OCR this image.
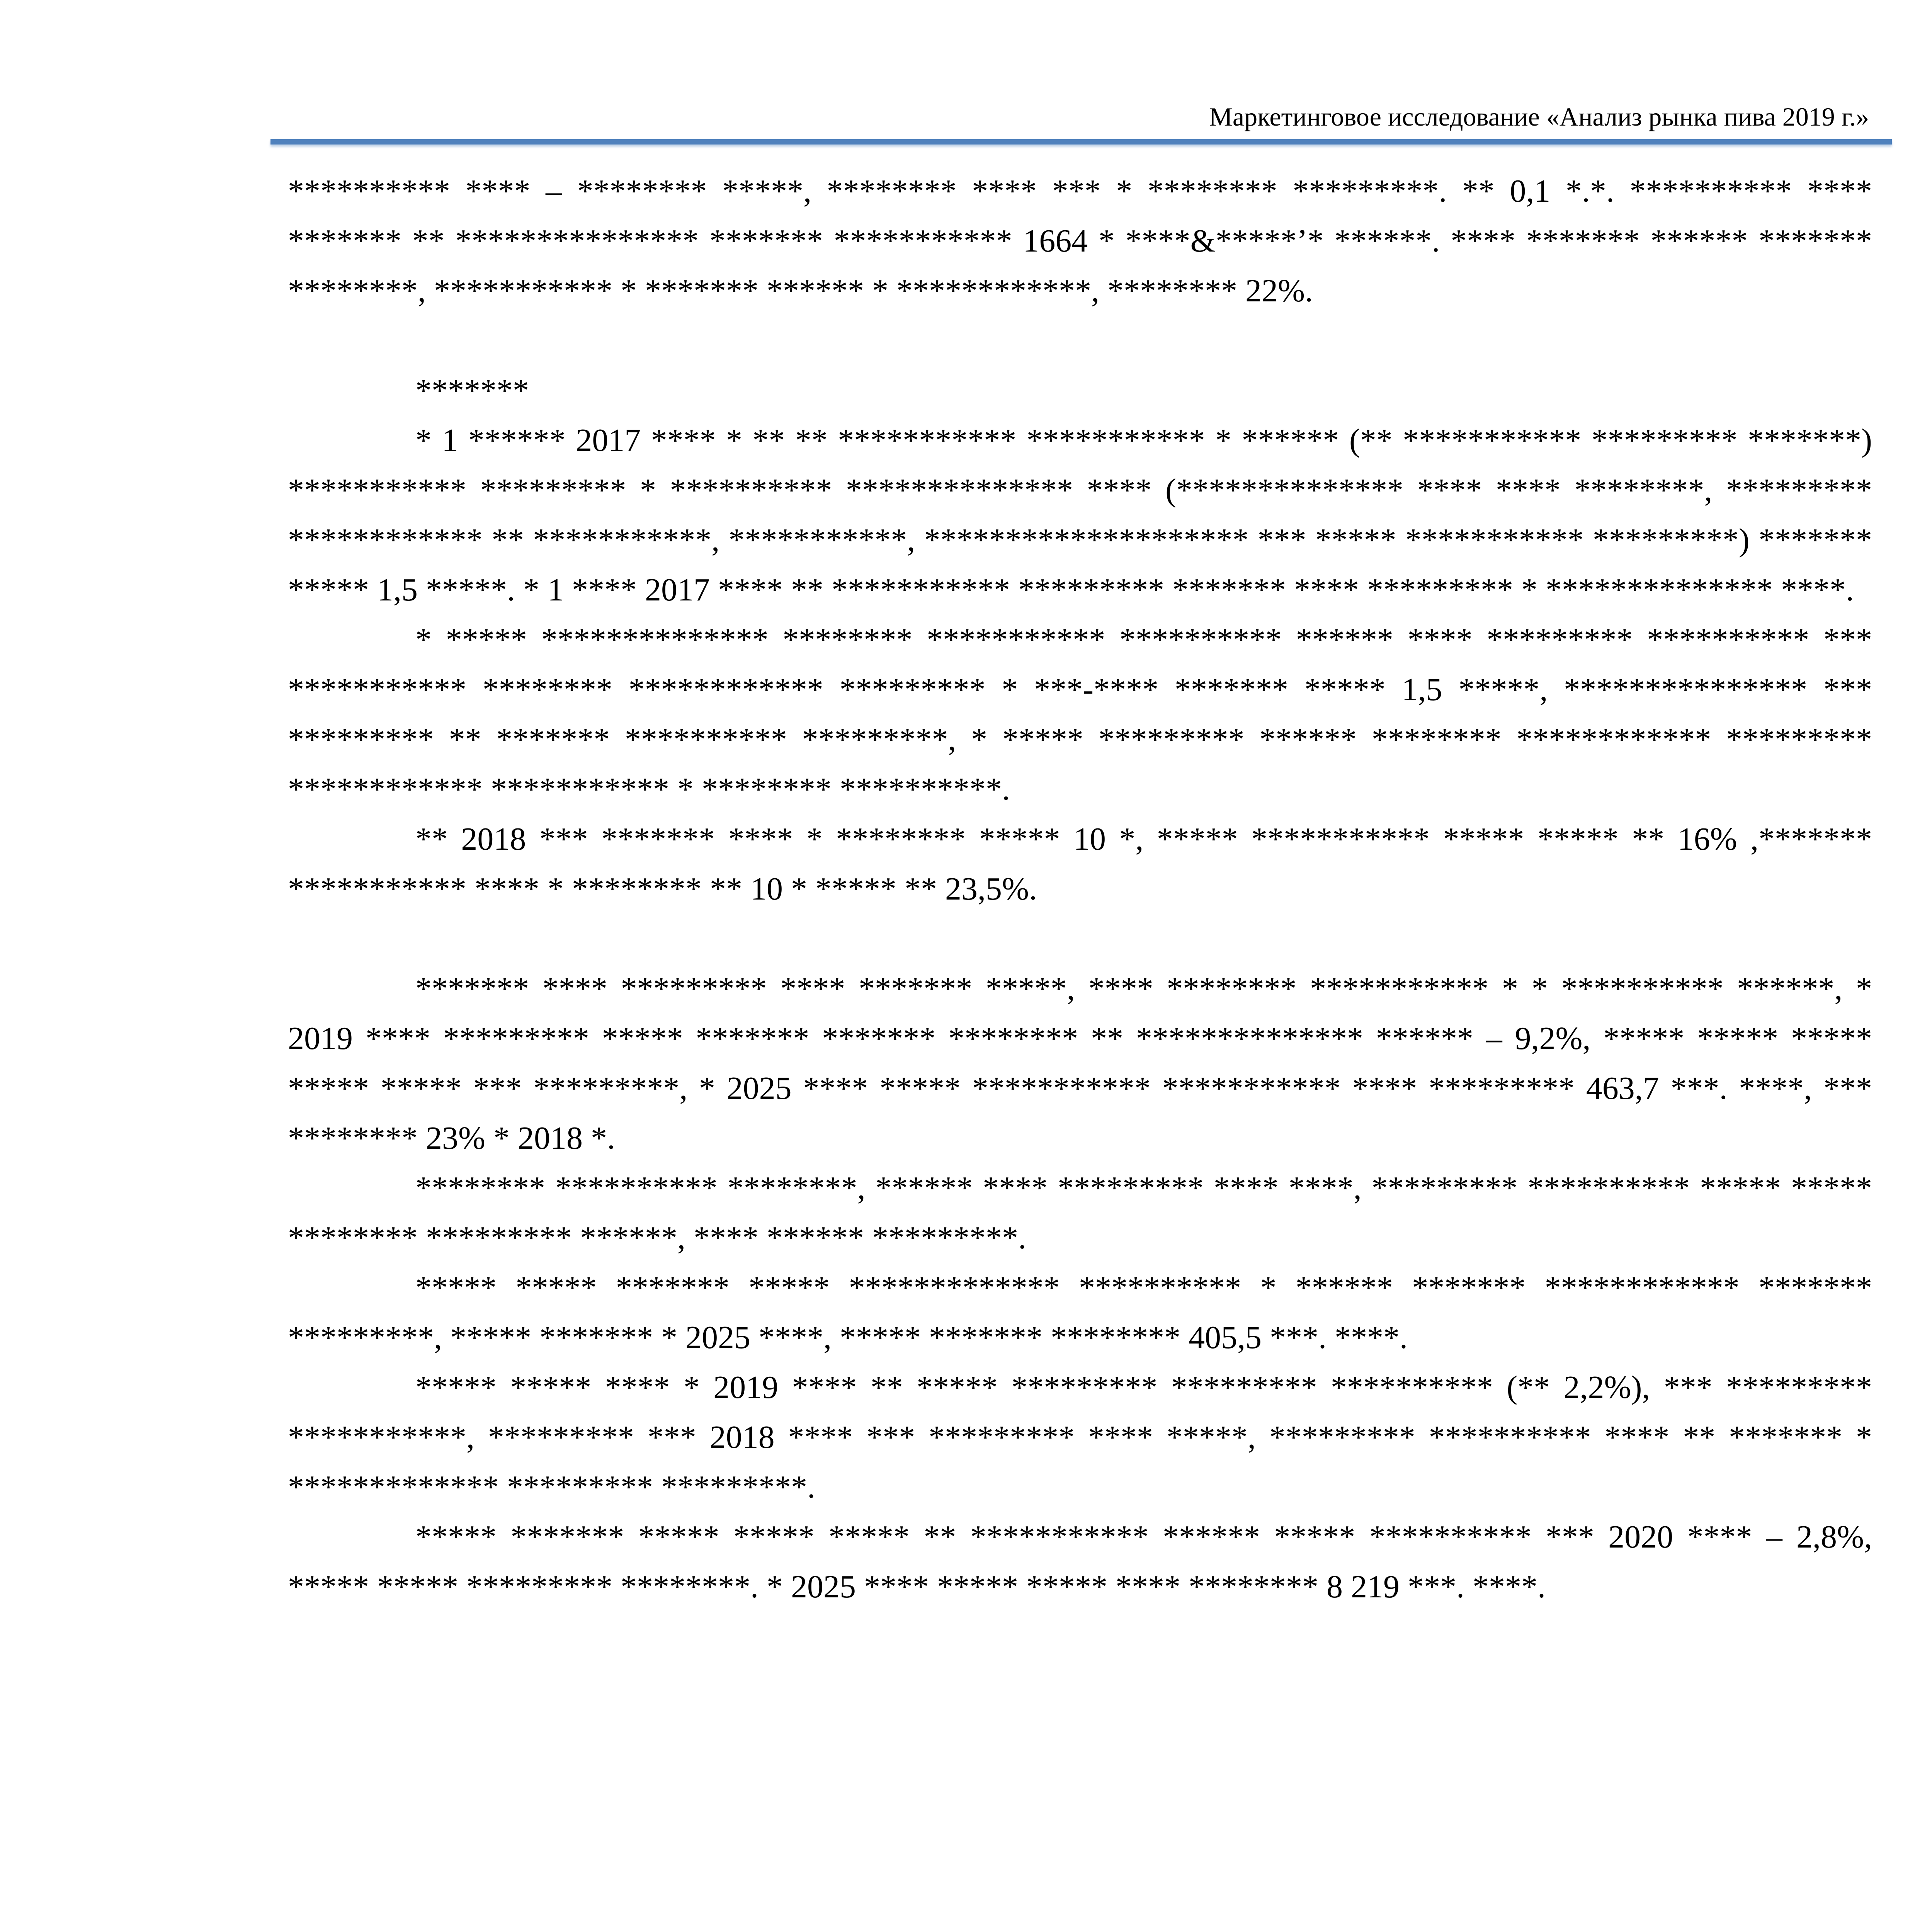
Маркетинговое исследование «Анализ рынка пива 2019 г.»

********** **** – ******** *****, ******** **** *** * ******** *********. ** 0,1 *.*. ********** **** ******* ** *************** ******* *********** 1664 * ****&*****’* ******. **** ******* ****** ******* ********, *********** * ******* ****** * ************, ******** 22%.

*******

* 1 ****** 2017 **** * ** ** *********** *********** * ****** (** *********** ********* *******) *********** ********* * ********** ************** **** (************** **** **** ********, ********* ************ ** ***********, ***********, ******************** *** ***** *********** *********) ******* ***** 1,5 *****. * 1 **** 2017 **** ** *********** ********* ******* **** ********* * ************** ****.

* ***** ************** ******** *********** ********** ****** **** ********* ********** *** *********** ******** ************ ********* * ***-**** ******* ***** 1,5 *****, *************** *** ********* ** ******* ********** *********, * ***** ********* ****** ******** ************ ********* ************ *********** * ******** **********.

** 2018 *** ******* **** * ******** ***** 10 *, ***** *********** ***** ***** ** 16% ,******* *********** **** * ******** ** 10 * ***** ** 23,5%.

******* **** ********* **** ******* *****, **** ******** *********** * * ********** ******, * 2019 **** ********* ***** ******* ******* ******** ** ************** ****** – 9,2%, ***** ***** ***** ***** ***** *** *********, * 2025 **** ***** *********** *********** **** ********* 463,7 ***. ****, *** ******** 23% * 2018 *.

******** ********** ********, ****** **** ********* **** ****, ********* ********** ***** ***** ******** ********* ******, **** ****** *********.

***** ***** ******* ***** ************* ********** * ****** ******* ************ ******* *********, ***** ******* * 2025 ****, ***** ******* ******** 405,5 ***. ****.

***** ***** **** * 2019 **** ** ***** ********* ********* ********** (** 2,2%), *** ********* ***********, ********* *** 2018 **** *** ********* **** *****, ********* ********** **** ** ******* * ************* ********* *********.

***** ******* ***** ***** ***** ** *********** ****** ***** ********** *** 2020 **** – 2,8%, ***** ***** ********* ********. * 2025 **** ***** ***** **** ******** 8 219 ***. ****.
